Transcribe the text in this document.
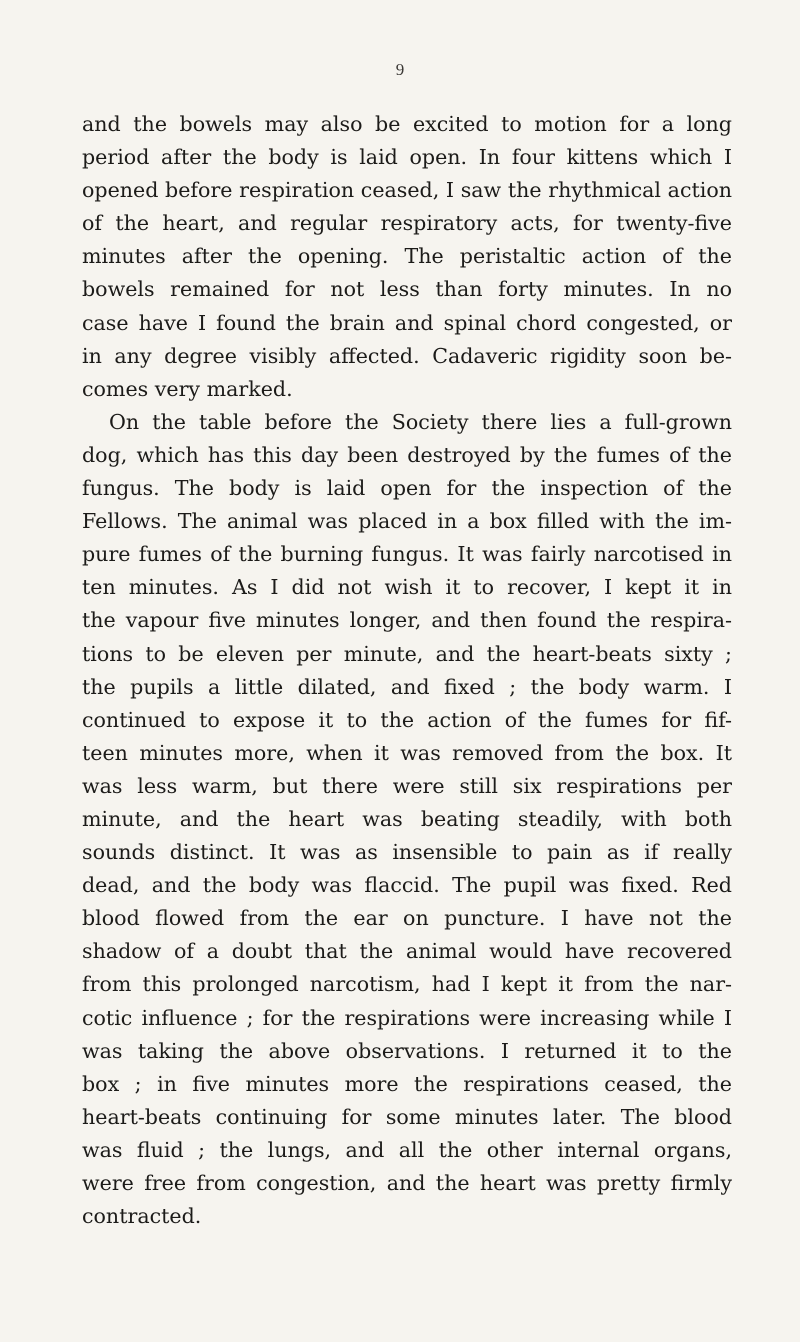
9
and the bowels may also be excited to motion for a long
period after the body is laid open. In four kittens which I
opened before respiration ceased, I saw the rhythmical action
of the heart, and regular respiratory acts, for twenty-five
minutes after the opening. The peristaltic action of the
bowels remained for not less than forty minutes. In no
case have I found the brain and spinal chord congested, or
in any degree visibly affected. Cadaveric rigidity soon be-
comes very marked.
On the table before the Society there lies a full-grown
dog, which has this day been destroyed by the fumes of the
fungus. The body is laid open for the inspection of the
Fellows. The animal was placed in a box filled with the im-
pure fumes of the burning fungus. It was fairly narcotised in
ten minutes. As I did not wish it to recover, I kept it in
the vapour five minutes longer, and then found the respira-
tions to be eleven per minute, and the heart-beats sixty ;
the pupils a little dilated, and fixed ; the body warm. I
continued to expose it to the action of the fumes for fif-
teen minutes more, when it was removed from the box. It
was less warm, but there were still six respirations per
minute, and the heart was beating steadily, with both
sounds distinct. It was as insensible to pain as if really
dead, and the body was flaccid. The pupil was fixed. Red
blood flowed from the ear on puncture. I have not the
shadow of a doubt that the animal would have recovered
from this prolonged narcotism, had I kept it from the nar-
cotic influence ; for the respirations were increasing while I
was taking the above observations. I returned it to the
box ; in five minutes more the respirations ceased, the
heart-beats continuing for some minutes later. The blood
was fluid ; the lungs, and all the other internal organs,
were free from congestion, and the heart was pretty firmly
contracted.
